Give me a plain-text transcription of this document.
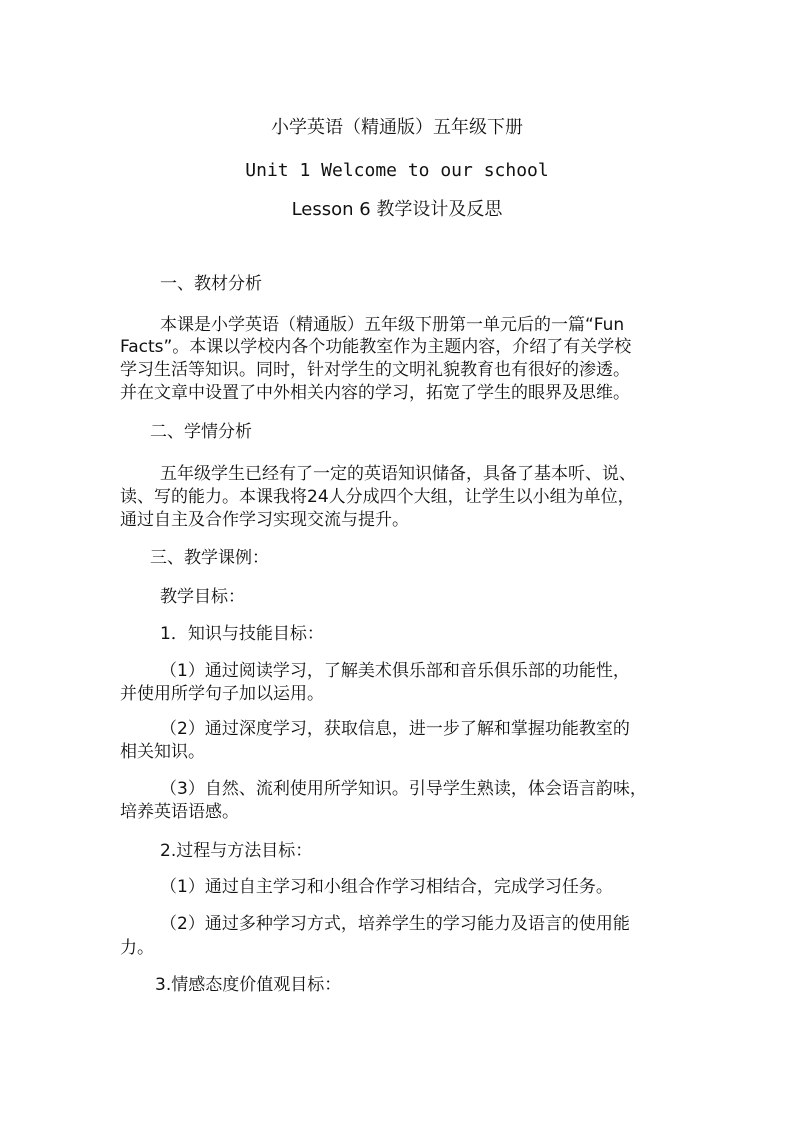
小学英语（精通版）五年级下册
Unit 1 Welcome to our school
Lesson 6 教学设计及反思
一、教材分析
本课是小学英语（精通版）五年级下册第一单元后的一篇“Fun
Facts”。本课以学校内各个功能教室作为主题内容，介绍了有关学校
学习生活等知识。同时，针对学生的文明礼貌教育也有很好的渗透。
并在文章中设置了中外相关内容的学习，拓宽了学生的眼界及思维。
二、学情分析
五年级学生已经有了一定的英语知识储备，具备了基本听、说、
读、写的能力。本课我将24人分成四个大组，让学生以小组为单位，
通过自主及合作学习实现交流与提升。
三、教学课例：
教学目标：
1．知识与技能目标：
（1）通过阅读学习，了解美术俱乐部和音乐俱乐部的功能性，
并使用所学句子加以运用。
（2）通过深度学习，获取信息，进一步了解和掌握功能教室的
相关知识。
（3）自然、流利使用所学知识。引导学生熟读，体会语言韵味，
培养英语语感。
2.过程与方法目标：
（1）通过自主学习和小组合作学习相结合，完成学习任务。
（2）通过多种学习方式，培养学生的学习能力及语言的使用能
力。
3.情感态度价值观目标：
